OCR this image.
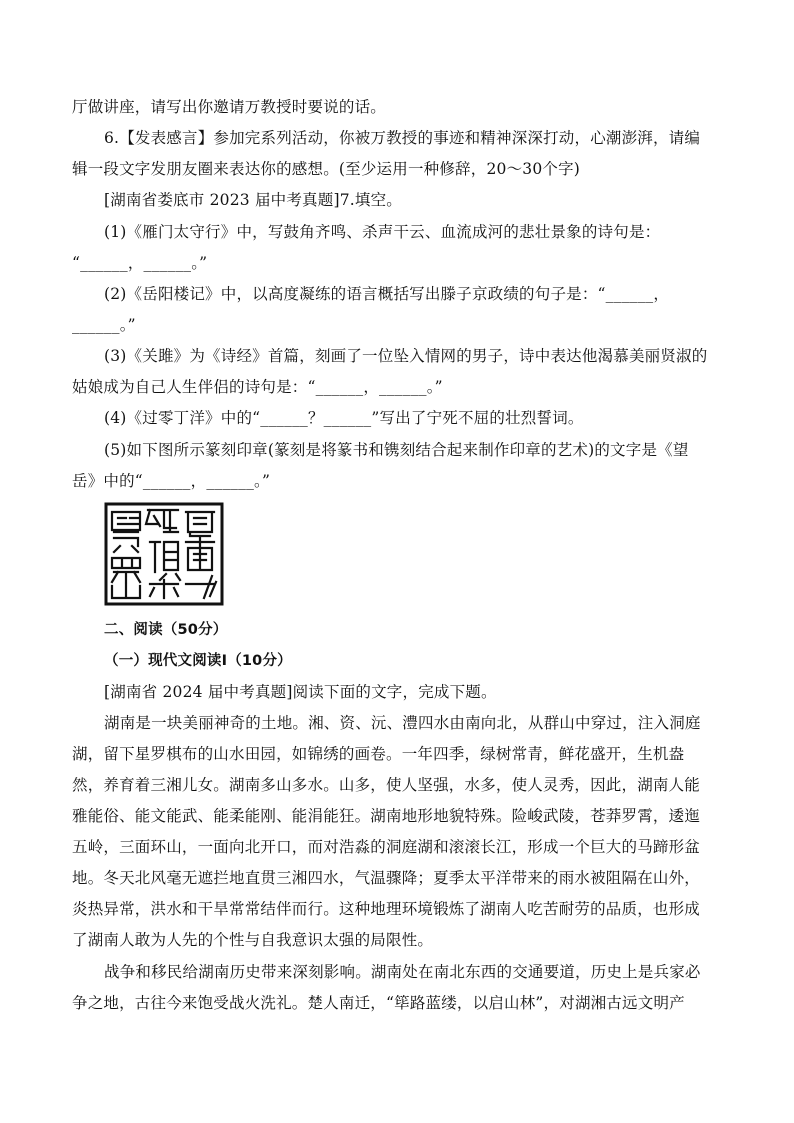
厅做讲座，请写出你邀请万教授时要说的话。
6.【发表感言】参加完系列活动，你被万教授的事迹和精神深深打动，心潮澎湃，请编
辑一段文字发朋友圈来表达你的感想。(至少运用一种修辞，20～30个字)
[湖南省娄底市 2023 届中考真题]7.填空。
(1)《雁门太守行》中，写鼓角齐鸣、杀声干云、血流成河的悲壮景象的诗句是：
“______，______。”
(2)《岳阳楼记》中，以高度凝练的语言概括写出滕子京政绩的句子是：“______，
______。”
(3)《关雎》为《诗经》首篇，刻画了一位坠入情网的男子，诗中表达他渴慕美丽贤淑的
姑娘成为自己人生伴侣的诗句是：“______，______。”
(4)《过零丁洋》中的“______？______”写出了宁死不屈的壮烈誓词。
(5)如下图所示篆刻印章(篆刻是将篆书和镌刻结合起来制作印章的艺术)的文字是《望
岳》中的“______，______。”
二、阅读（50分）
（一）现代文阅读Ⅰ（10分）
[湖南省 2024 届中考真题]阅读下面的文字，完成下题。
湖南是一块美丽神奇的土地。湘、资、沅、澧四水由南向北，从群山中穿过，注入洞庭
湖，留下星罗棋布的山水田园，如锦绣的画卷。一年四季，绿树常青，鲜花盛开，生机盎
然，养育着三湘儿女。湖南多山多水。山多，使人坚强，水多，使人灵秀，因此，湖南人能
雅能俗、能文能武、能柔能刚、能涓能狂。湖南地形地貌特殊。险峻武陵，苍莽罗霄，逶迤
五岭，三面环山，一面向北开口，而对浩淼的洞庭湖和滚滚长江，形成一个巨大的马蹄形盆
地。冬天北风毫无遮拦地直贯三湘四水，气温骤降；夏季太平洋带来的雨水被阻隔在山外，
炎热异常，洪水和干旱常常结伴而行。这种地理环境锻炼了湖南人吃苦耐劳的品质，也形成
了湖南人敢为人先的个性与自我意识太强的局限性。
战争和移民给湖南历史带来深刻影响。湖南处在南北东西的交通要道，历史上是兵家必
争之地，古往今来饱受战火洗礼。楚人南迁，“筚路蓝缕，以启山林”，对湖湘古远文明产
